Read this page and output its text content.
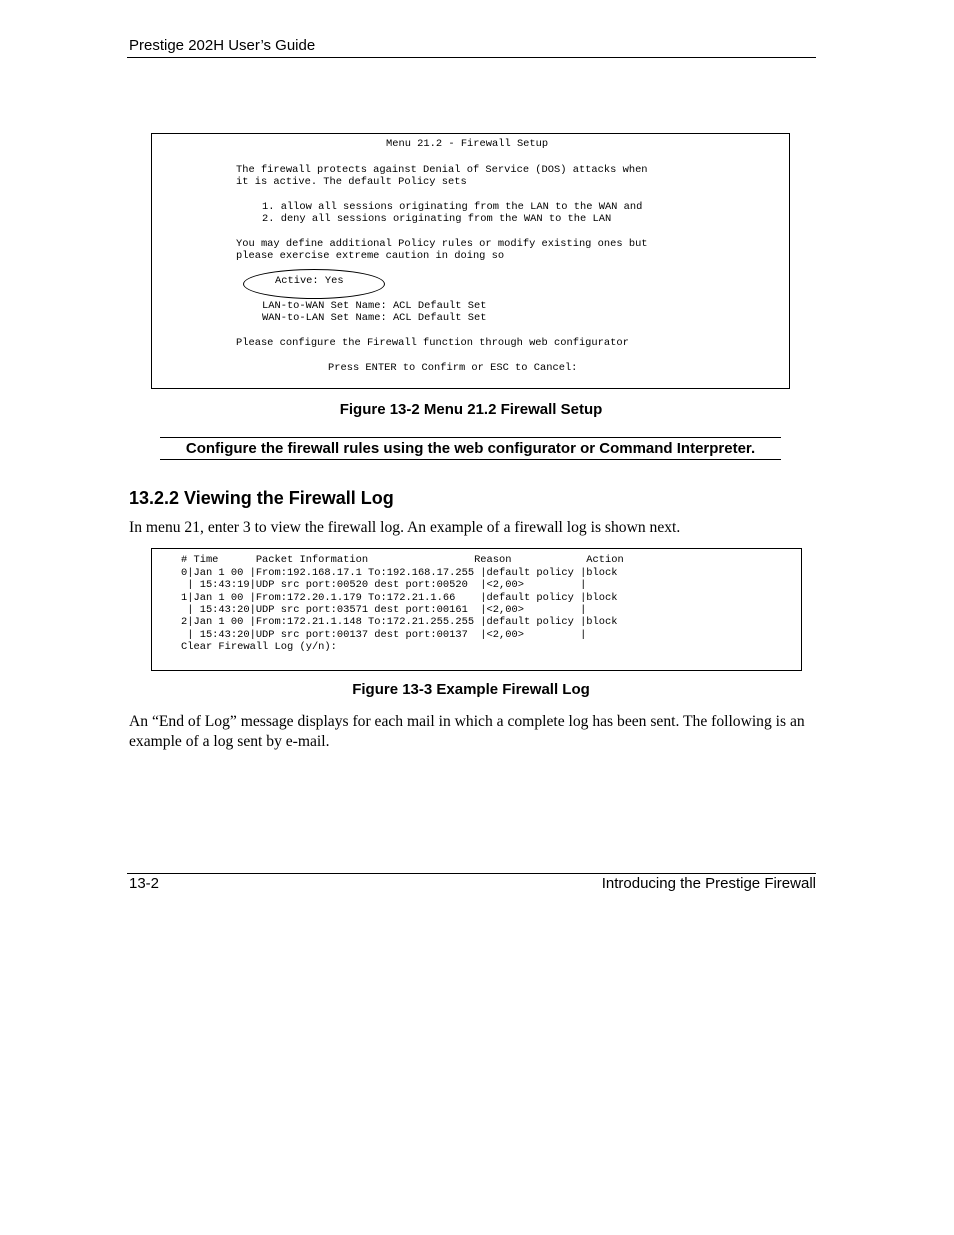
Prestige 202H User’s Guide
Menu 21.2 - Firewall Setup
The firewall protects against Denial of Service (DOS) attacks when
it is active. The default Policy sets
1. allow all sessions originating from the LAN to the WAN and
2. deny all sessions originating from the WAN to the LAN
You may define additional Policy rules or modify existing ones but
please exercise extreme caution in doing so
Active: Yes
LAN-to-WAN Set Name: ACL Default Set
WAN-to-LAN Set Name: ACL Default Set
Please configure the Firewall function through web configurator
Press ENTER to Confirm or ESC to Cancel:
Figure 13-2 Menu 21.2 Firewall Setup
Configure the firewall rules using the web configurator or Command Interpreter.
13.2.2 Viewing the Firewall Log
In menu 21, enter 3 to view the firewall log. An example of a firewall log is shown next.
# Time      Packet Information                 Reason            Action
0|Jan 1 00 |From:192.168.17.1 To:192.168.17.255 |default policy |block
| 15:43:19|UDP src port:00520 dest port:00520  |<2,00>         |
1|Jan 1 00 |From:172.20.1.179 To:172.21.1.66    |default policy |block
| 15:43:20|UDP src port:03571 dest port:00161  |<2,00>         |
2|Jan 1 00 |From:172.21.1.148 To:172.21.255.255 |default policy |block
| 15:43:20|UDP src port:00137 dest port:00137  |<2,00>         |
Clear Firewall Log (y/n):
Figure 13-3 Example Firewall Log
An “End of Log” message displays for each mail in which a complete log has been sent. The following is an example of a log sent by e-mail.
13-2	Introducing the Prestige Firewall
